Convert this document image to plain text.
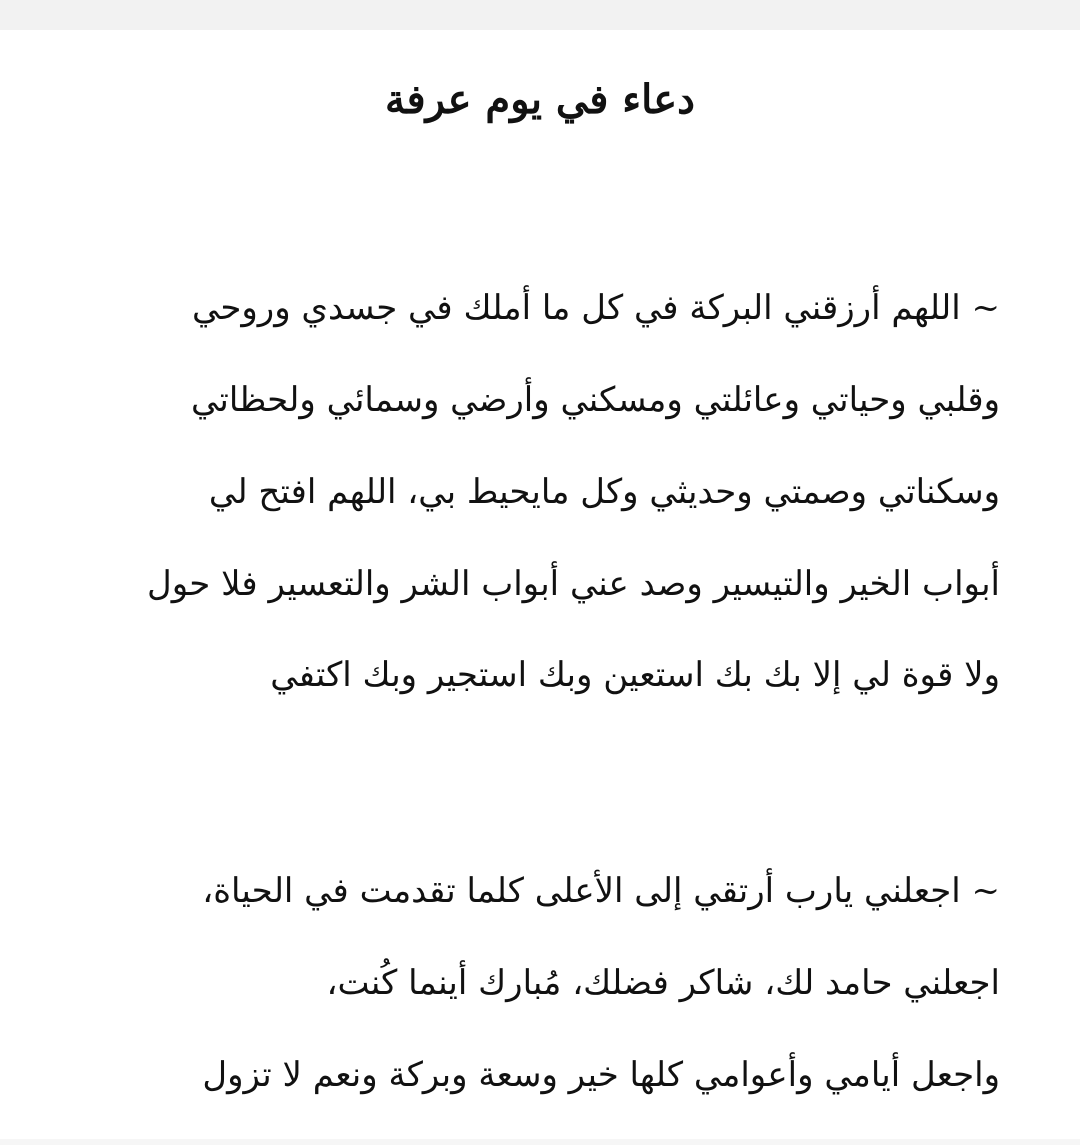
دعاء في يوم عرفة
~ اللهم أرزقني البركة في كل ما أملك في جسدي وروحي
وقلبي وحياتي وعائلتي ومسكني وأرضي وسمائي ولحظاتي
وسكناتي وصمتي وحديثي وكل مايحيط بي، اللهم افتح لي
أبواب الخير والتيسير وصد عني أبواب الشر والتعسير فلا حول
ولا قوة لي إلا بك بك استعين وبك استجير وبك اكتفي
~ اجعلني يارب أرتقي إلى الأعلى كلما تقدمت في الحياة،
اجعلني حامد لك، شاكر فضلك، مُبارك أينما كُنت،
واجعل أيامي وأعوامي كلها خير وسعة وبركة ونعم لا تزول
